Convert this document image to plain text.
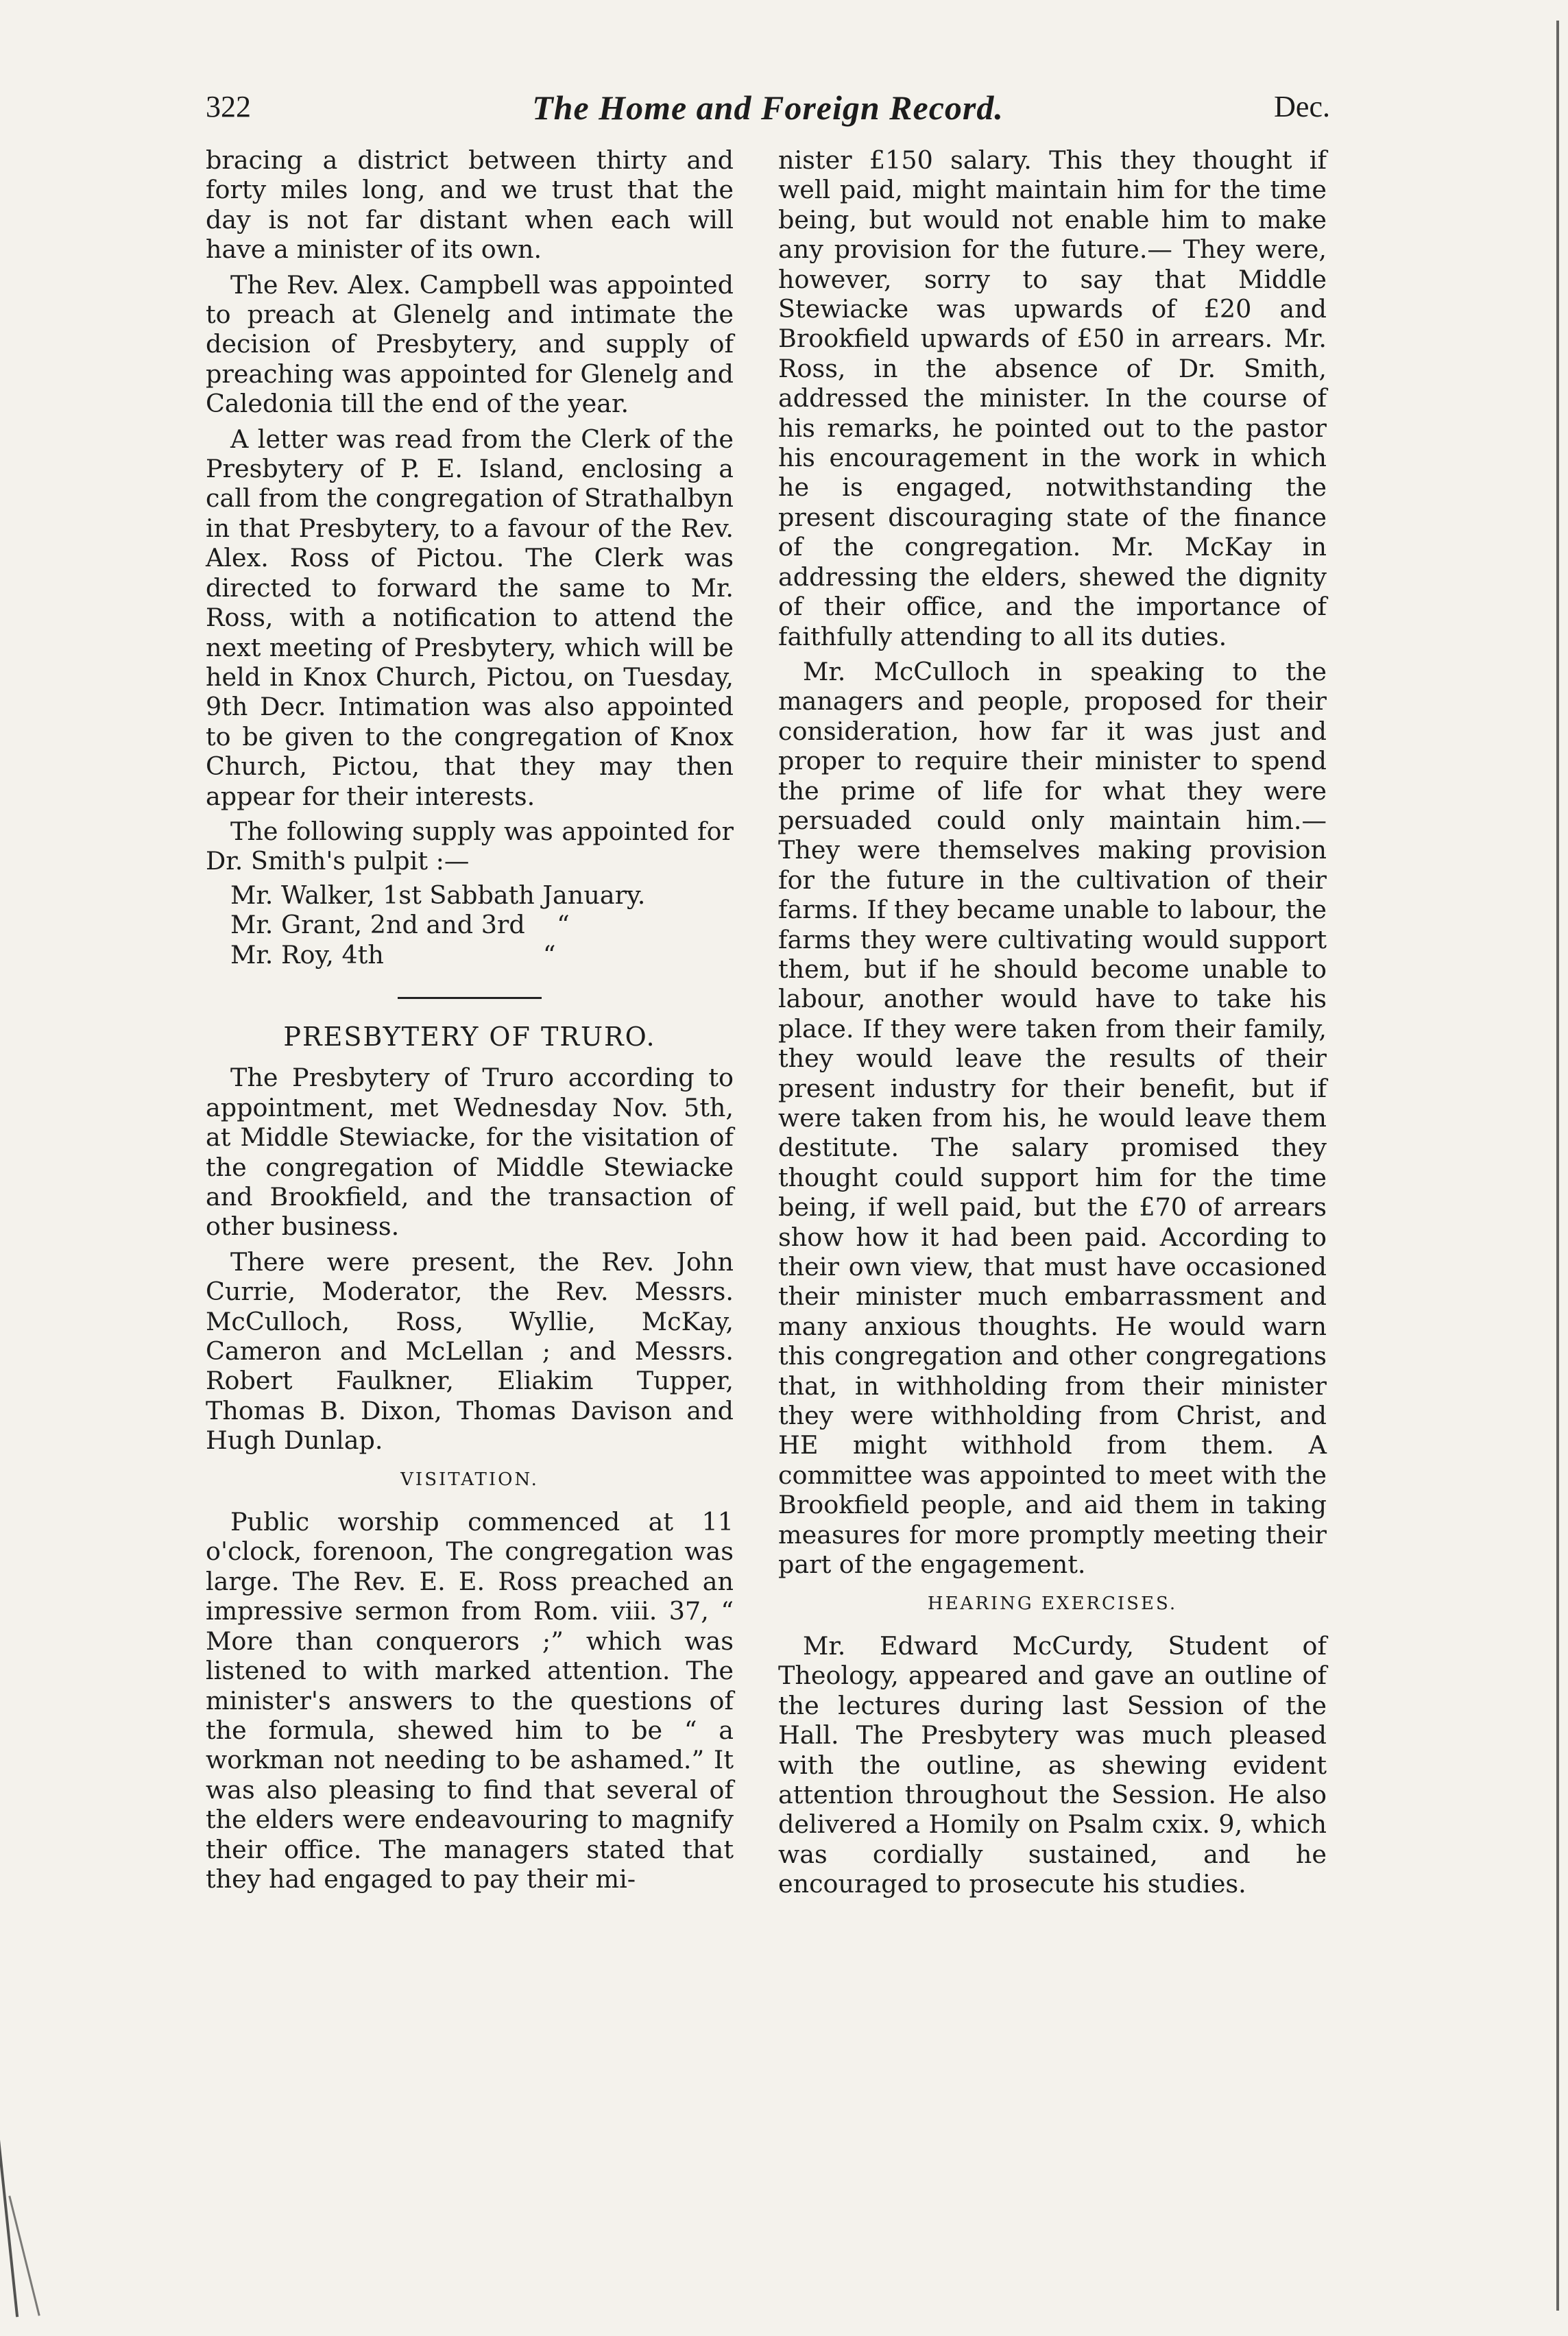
322	The Home and Foreign Record.	Dec.

bracing a district between thirty and forty miles long, and we trust that the day is not far distant when each will have a minister of its own.

The Rev. Alex. Campbell was appointed to preach at Glenelg and intimate the decision of Presbytery, and supply of preaching was appointed for Glenelg and Caledonia till the end of the year.

A letter was read from the Clerk of the Presbytery of P. E. Island, enclosing a call from the congregation of Strathalbyn in that Presbytery, to a favour of the Rev. Alex. Ross of Pictou. The Clerk was directed to forward the same to Mr. Ross, with a notification to attend the next meeting of Presbytery, which will be held in Knox Church, Pictou, on Tuesday, 9th Decr. Intimation was also appointed to be given to the congregation of Knox Church, Pictou, that they may then appear for their interests.

The following supply was appointed for Dr. Smith's pulpit :—

Mr. Walker, 1st Sabbath January.

Mr. Grant, 2nd and 3rd    “

Mr. Roy, 4th                    “

PRESBYTERY OF TRURO.

The Presbytery of Truro according to appointment, met Wednesday Nov. 5th, at Middle Stewiacke, for the visitation of the congregation of Middle Stewiacke and Brookfield, and the transaction of other business.

There were present, the Rev. John Currie, Moderator, the Rev. Messrs. McCulloch, Ross, Wyllie, McKay, Cameron and McLellan ; and Messrs. Robert Faulkner, Eliakim Tupper, Thomas B. Dixon, Thomas Davison and Hugh Dunlap.

VISITATION.

Public worship commenced at 11 o'clock, forenoon, The congregation was large. The Rev. E. E. Ross preached an impressive sermon from Rom. viii. 37, “ More than conquerors ;” which was listened to with marked attention. The minister's answers to the questions of the formula, shewed him to be “ a workman not needing to be ashamed.” It was also pleasing to find that several of the elders were endeavouring to magnify their office. The managers stated that they had engaged to pay their mi-

nister £150 salary. This they thought if well paid, might maintain him for the time being, but would not enable him to make any provision for the future.— They were, however, sorry to say that Middle Stewiacke was upwards of £20 and Brookfield upwards of £50 in arrears. Mr. Ross, in the absence of Dr. Smith, addressed the minister. In the course of his remarks, he pointed out to the pastor his encouragement in the work in which he is engaged, notwithstanding the present discouraging state of the finance of the congregation. Mr. McKay in addressing the elders, shewed the dignity of their office, and the importance of faithfully attending to all its duties.

Mr. McCulloch in speaking to the managers and people, proposed for their consideration, how far it was just and proper to require their minister to spend the prime of life for what they were persuaded could only maintain him.— They were themselves making provision for the future in the cultivation of their farms. If they became unable to labour, the farms they were cultivating would support them, but if he should become unable to labour, another would have to take his place. If they were taken from their family, they would leave the results of their present industry for their benefit, but if were taken from his, he would leave them destitute. The salary promised they thought could support him for the time being, if well paid, but the £70 of arrears show how it had been paid. According to their own view, that must have occasioned their minister much embarrassment and many anxious thoughts. He would warn this congregation and other congregations that, in withholding from their minister they were withholding from Christ, and HE might withhold from them. A committee was appointed to meet with the Brookfield people, and aid them in taking measures for more promptly meeting their part of the engagement.

HEARING EXERCISES.

Mr. Edward McCurdy, Student of Theology, appeared and gave an outline of the lectures during last Session of the Hall. The Presbytery was much pleased with the outline, as shewing evident attention throughout the Session. He also delivered a Homily on Psalm cxix. 9, which was cordially sustained, and he encouraged to prosecute his studies.
